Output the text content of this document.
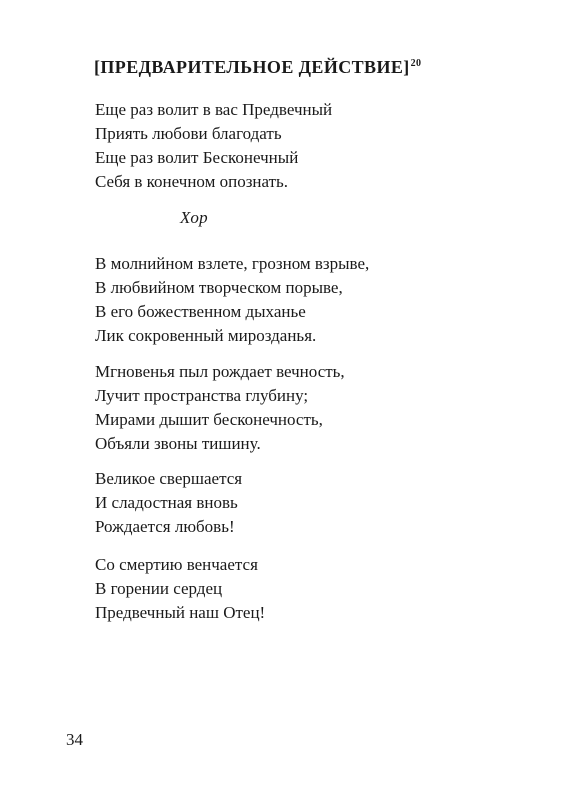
[ПРЕДВАРИТЕЛЬНОЕ ДЕЙСТВИЕ]$^{20}$
Еще раз волит в вас Предвечный
Приять любови благодать
Еще раз волит Бесконечный
Себя в конечном опознать.
Хор
В молнийном взлете, грозном взрыве,
В любвийном творческом порыве,
В его божественном дыханье
Лик сокровенный мирозданья.
Мгновенья пыл рождает вечность,
Лучит пространства глубину;
Мирами дышит бесконечность,
Объяли звоны тишину.
Великое свершается
И сладостная вновь
Рождается любовь!
Со смертию венчается
В горении сердец
Предвечный наш Отец!
34
